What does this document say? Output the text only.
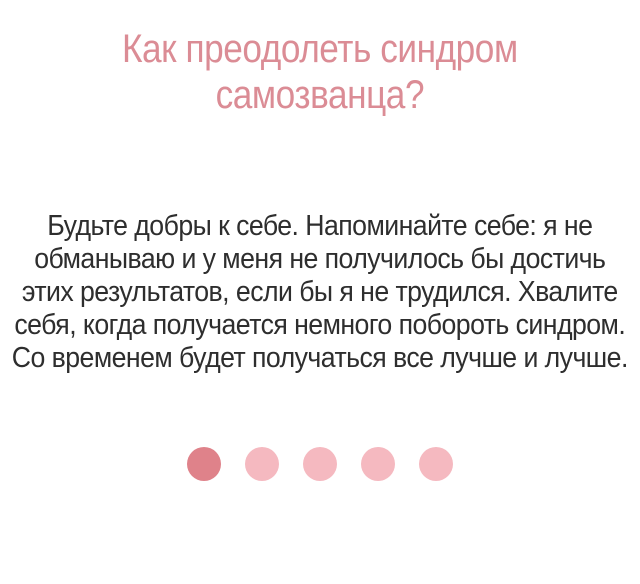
Как преодолеть синдром
самозванца?
Будьте добры к себе. Напоминайте себе: я не
обманываю и у меня не получилось бы достичь
этих результатов, если бы я не трудился. Хвалите
себя, когда получается немного побороть синдром.
Со временем будет получаться все лучше и лучше.
